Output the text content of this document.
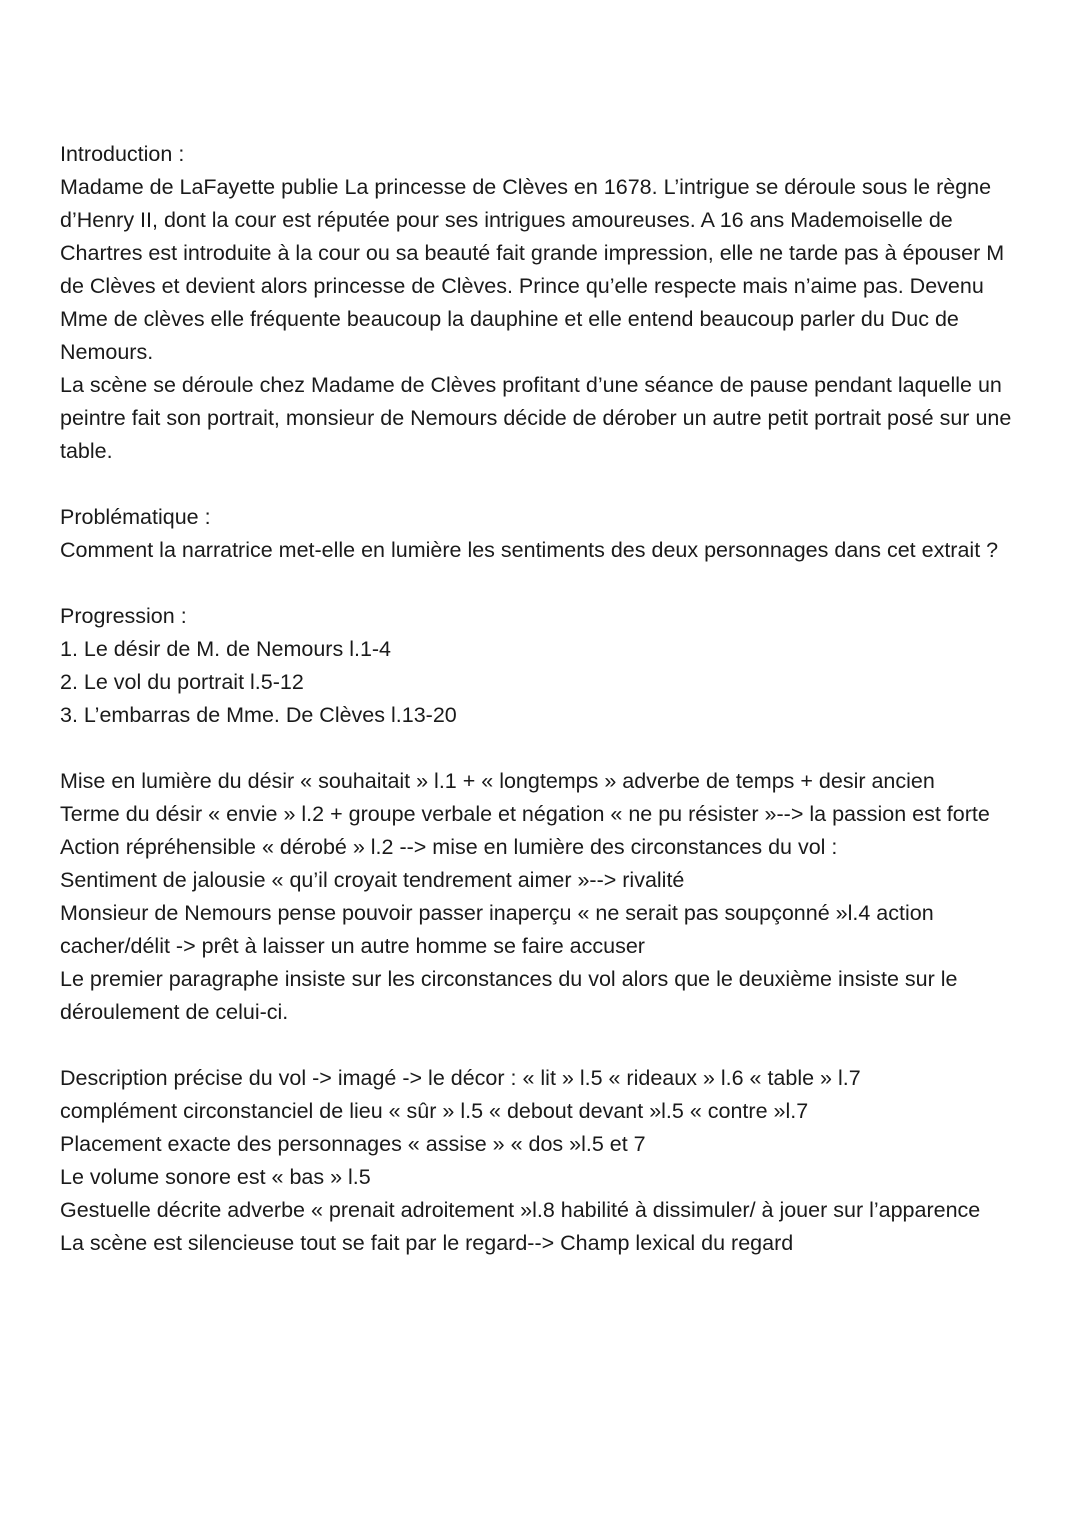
Introduction :
Madame de LaFayette publie La princesse de Clèves en 1678. L’intrigue se déroule sous le règne d’Henry II, dont la cour est réputée pour ses intrigues amoureuses. A 16 ans Mademoiselle de Chartres est introduite à la cour ou sa beauté fait grande impression, elle ne tarde pas à épouser M de Clèves et devient alors princesse de Clèves. Prince qu’elle respecte mais n’aime pas. Devenu Mme de clèves elle fréquente beaucoup la dauphine et elle entend beaucoup parler du Duc de Nemours.
La scène se déroule chez Madame de Clèves profitant d’une séance de pause pendant laquelle un peintre fait son portrait, monsieur de Nemours décide de dérober un autre petit portrait posé sur une table.
Problématique :
Comment la narratrice met-elle en lumière les sentiments des deux personnages dans cet extrait ?
Progression :
1. Le désir de M. de Nemours l.1-4
2. Le vol du portrait l.5-12
3. L’embarras de Mme. De Clèves l.13-20
Mise en lumière du désir « souhaitait » l.1 + « longtemps » adverbe de temps + desir ancien
Terme du désir « envie » l.2 + groupe verbale et négation « ne pu résister »--> la passion est forte
Action répréhensible « dérobé » l.2 --> mise en lumière des circonstances du vol :
Sentiment de jalousie « qu’il croyait tendrement aimer »--> rivalité
Monsieur de Nemours pense pouvoir passer inaperçu « ne serait pas soupçonné »l.4 action cacher/délit -> prêt à laisser un autre homme se faire accuser
Le premier paragraphe insiste sur les circonstances du vol alors que le deuxième insiste sur le déroulement de celui-ci.
Description précise du vol -> imagé -> le décor : « lit » l.5 « rideaux » l.6 « table » l.7
complément circonstanciel de lieu « sûr » l.5 « debout devant »l.5 « contre »l.7
Placement exacte des personnages « assise » « dos »l.5 et 7
Le volume sonore est « bas » l.5
Gestuelle décrite adverbe « prenait adroitement »l.8 habilité à dissimuler/ à jouer sur l’apparence
La scène est silencieuse tout se fait par le regard--> Champ lexical du regard
